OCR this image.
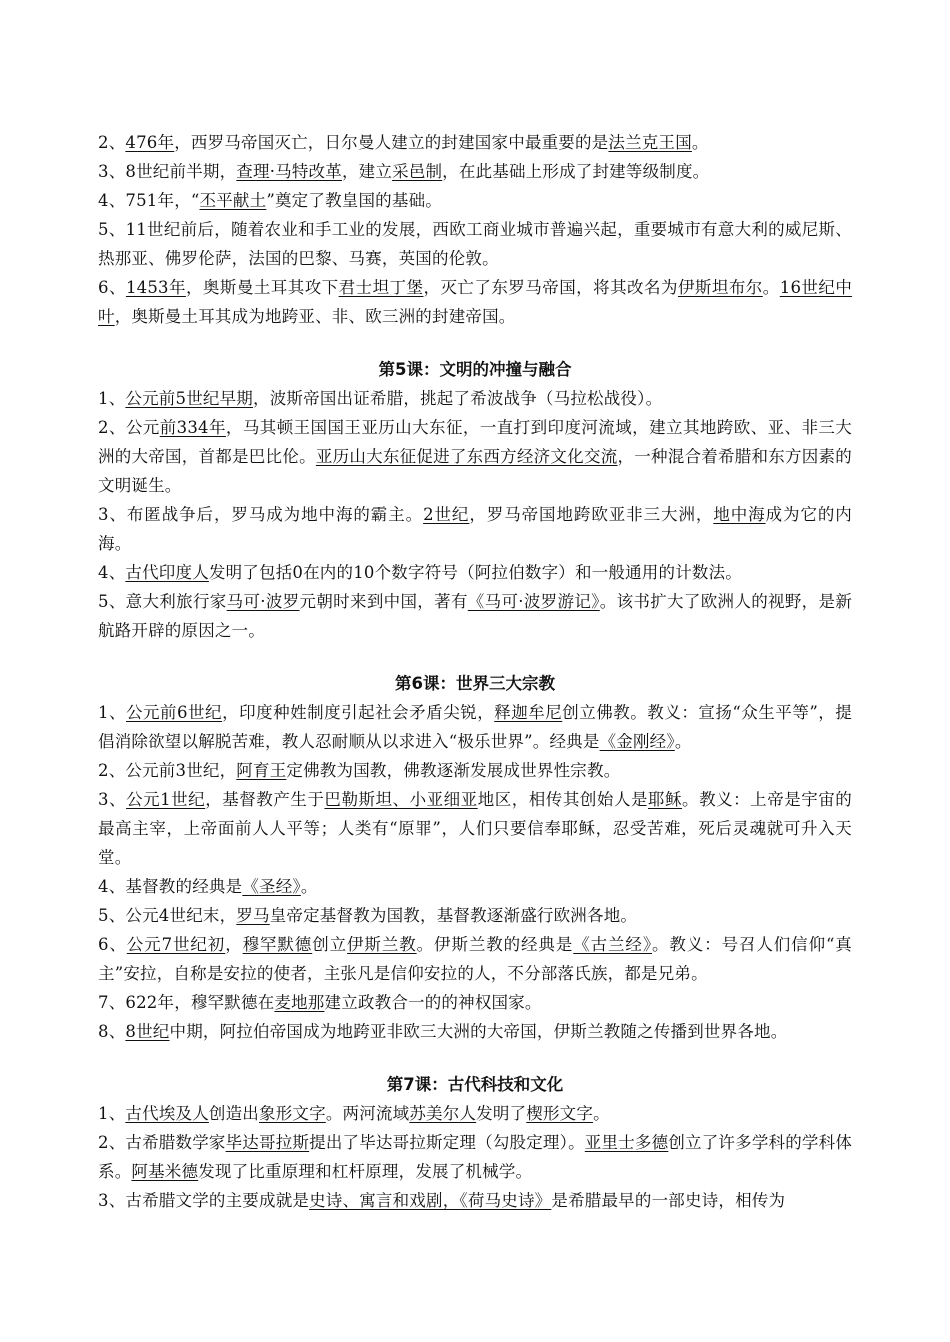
2、476年，西罗马帝国灭亡，日尔曼人建立的封建国家中最重要的是法兰克王国。

3、8世纪前半期，查理·马特改革，建立采邑制，在此基础上形成了封建等级制度。

4、751年，“丕平献土”奠定了教皇国的基础。

5、11世纪前后，随着农业和手工业的发展，西欧工商业城市普遍兴起，重要城市有意大利的威尼斯、热那亚、佛罗伦萨，法国的巴黎、马赛，英国的伦敦。

6、1453年，奥斯曼土耳其攻下君士坦丁堡，灭亡了东罗马帝国，将其改名为伊斯坦布尔。16世纪中叶，奥斯曼土耳其成为地跨亚、非、欧三洲的封建帝国。

第5课：文明的冲撞与融合

1、公元前5世纪早期，波斯帝国出证希腊，挑起了希波战争（马拉松战役）。

2、公元前334年，马其顿王国国王亚历山大东征，一直打到印度河流域，建立其地跨欧、亚、非三大洲的大帝国，首都是巴比伦。亚历山大东征促进了东西方经济文化交流，一种混合着希腊和东方因素的文明诞生。

3、布匿战争后，罗马成为地中海的霸主。2世纪，罗马帝国地跨欧亚非三大洲，地中海成为它的内海。

4、古代印度人发明了包括0在内的10个数字符号（阿拉伯数字）和一般通用的计数法。

5、意大利旅行家马可·波罗元朝时来到中国，著有《马可·波罗游记》。该书扩大了欧洲人的视野，是新航路开辟的原因之一。

第6课：世界三大宗教

1、公元前6世纪，印度种姓制度引起社会矛盾尖锐，释迦牟尼创立佛教。教义：宣扬“众生平等”，提倡消除欲望以解脱苦难，教人忍耐顺从以求进入“极乐世界”。经典是《金刚经》。

2、公元前3世纪，阿育王定佛教为国教，佛教逐渐发展成世界性宗教。

3、公元1世纪，基督教产生于巴勒斯坦、小亚细亚地区，相传其创始人是耶稣。教义：上帝是宇宙的最高主宰，上帝面前人人平等；人类有“原罪”，人们只要信奉耶稣，忍受苦难，死后灵魂就可升入天堂。

4、基督教的经典是《圣经》。

5、公元4世纪末，罗马皇帝定基督教为国教，基督教逐渐盛行欧洲各地。

6、公元7世纪初，穆罕默德创立伊斯兰教。伊斯兰教的经典是《古兰经》。教义：号召人们信仰“真主”安拉，自称是安拉的使者，主张凡是信仰安拉的人，不分部落氏族，都是兄弟。

7、622年，穆罕默德在麦地那建立政教合一的的神权国家。

8、8世纪中期，阿拉伯帝国成为地跨亚非欧三大洲的大帝国，伊斯兰教随之传播到世界各地。

第7课：古代科技和文化

1、古代埃及人创造出象形文字。两河流域苏美尔人发明了楔形文字。

2、古希腊数学家毕达哥拉斯提出了毕达哥拉斯定理（勾股定理）。亚里士多德创立了许多学科的学科体系。阿基米德发现了比重原理和杠杆原理，发展了机械学。

3、古希腊文学的主要成就是史诗、寓言和戏剧，《荷马史诗》是希腊最早的一部史诗，相传为
